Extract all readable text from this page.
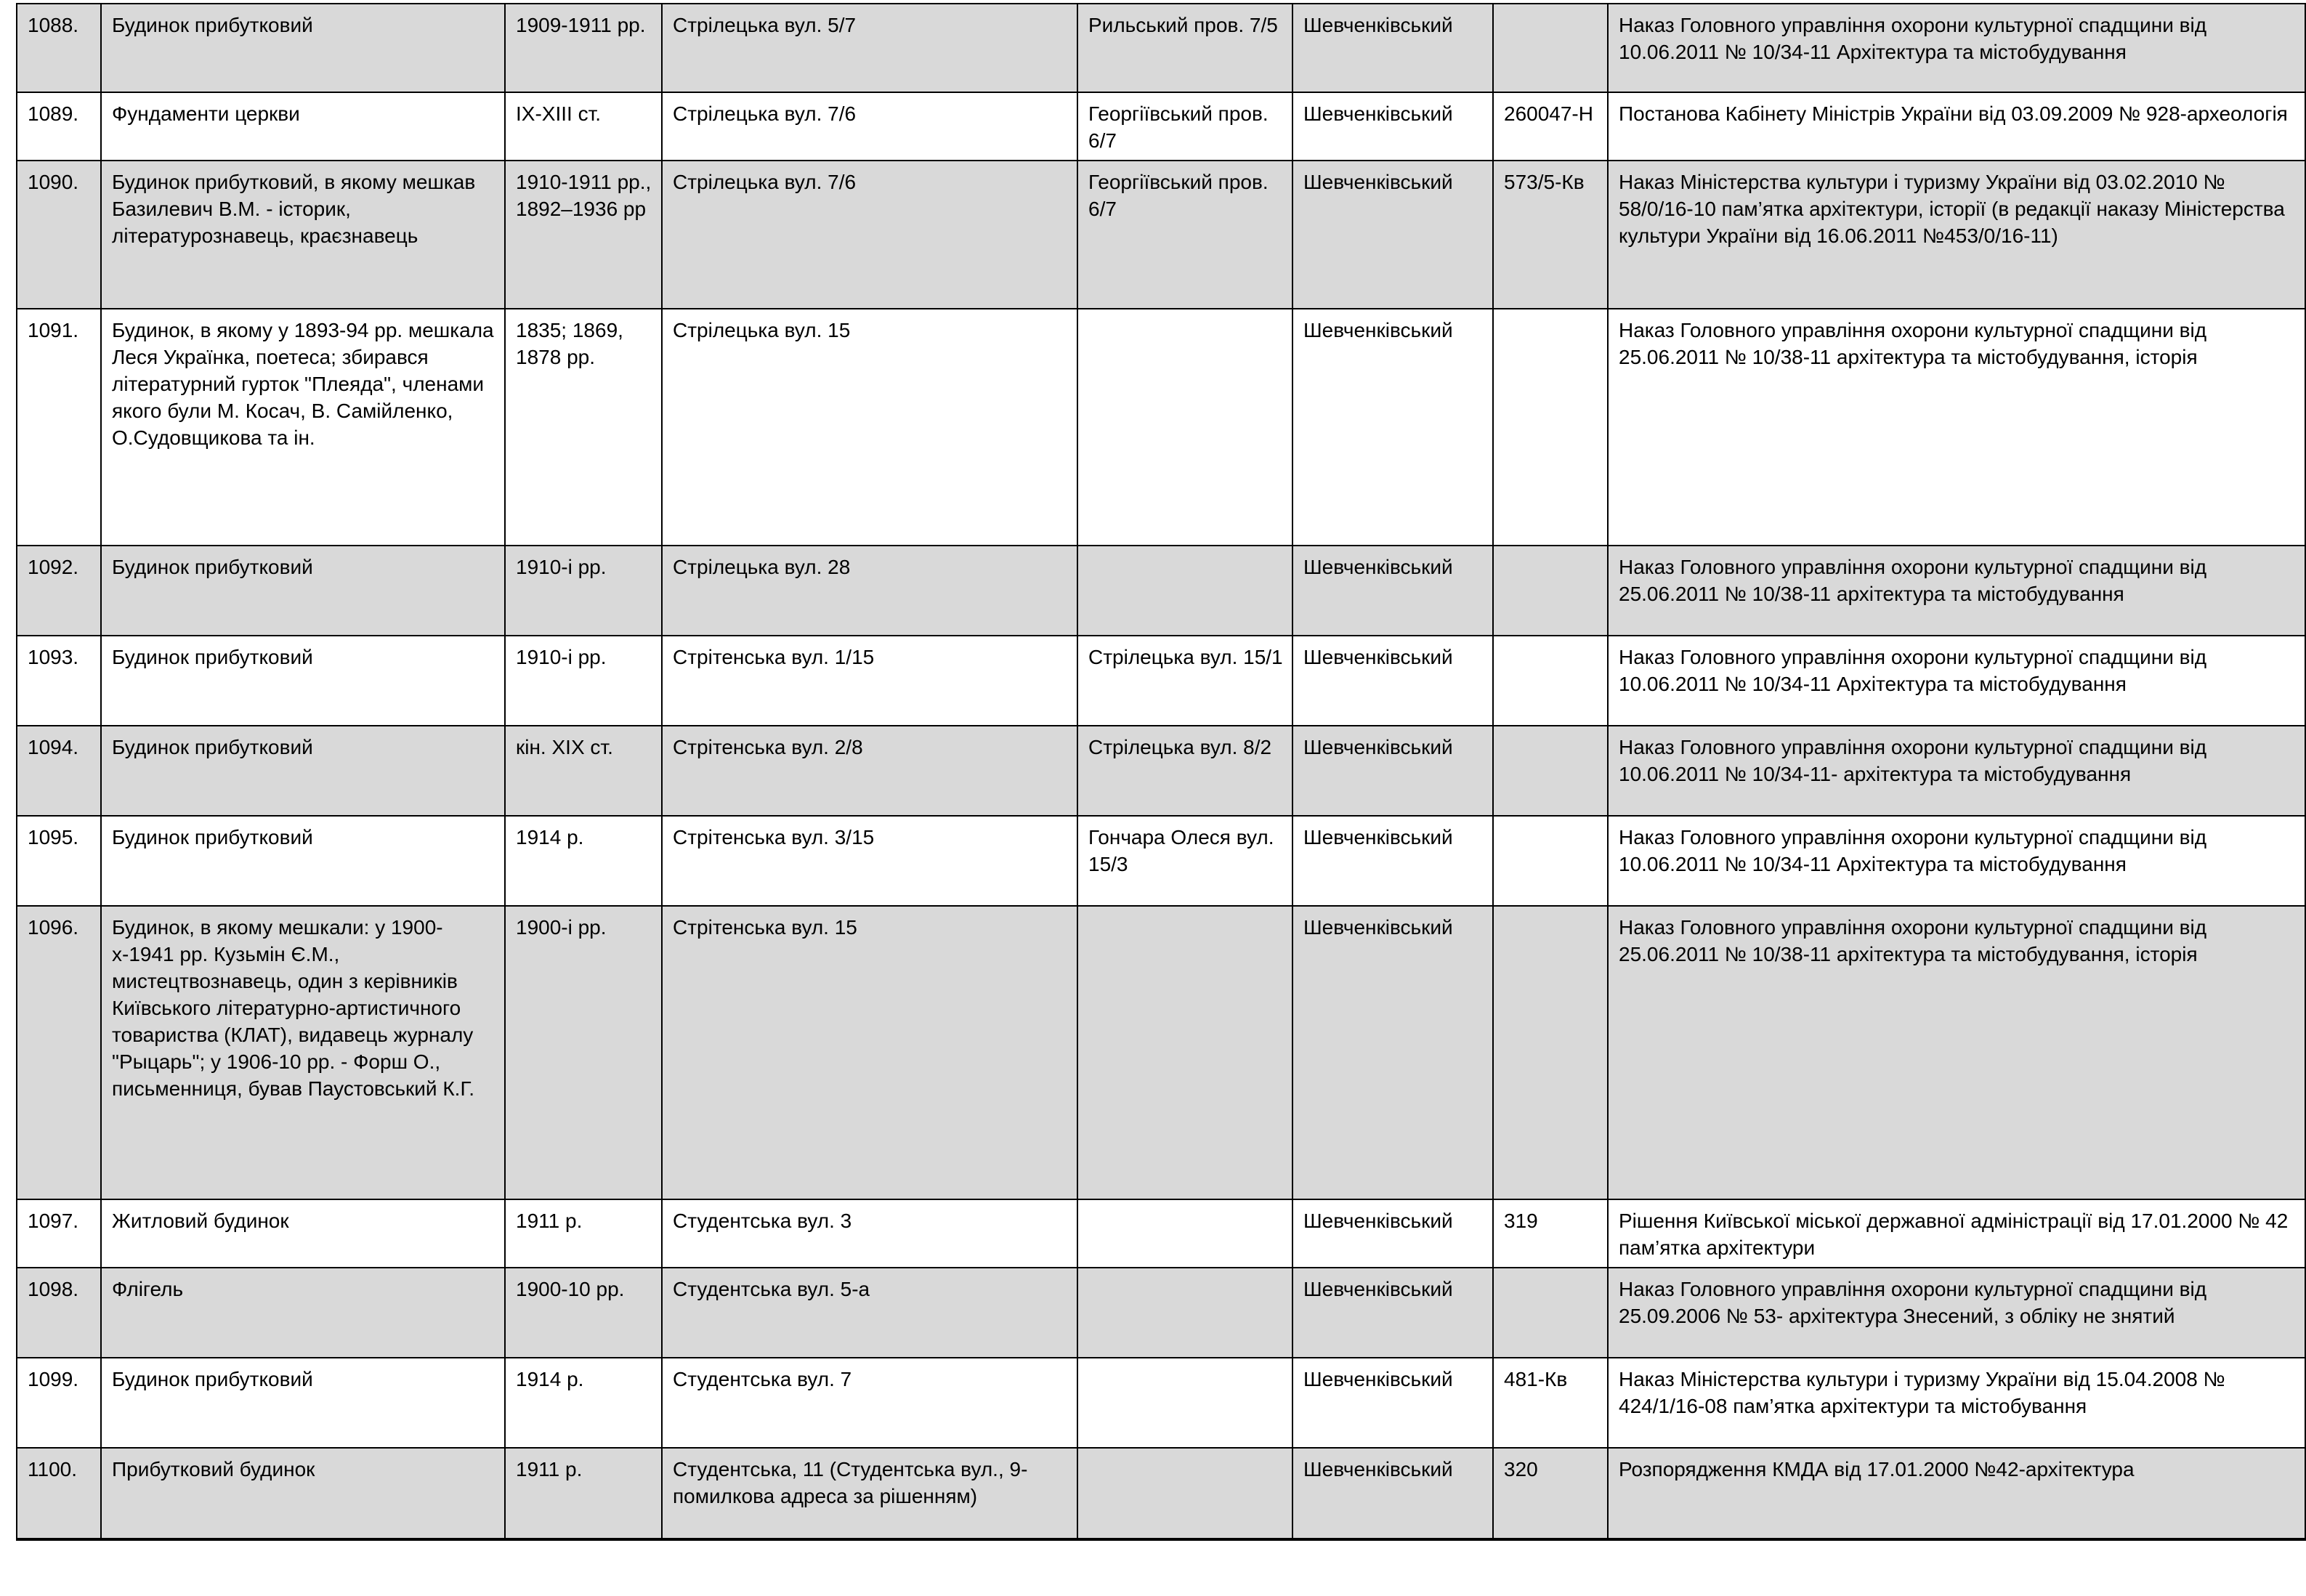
1088.	Будинок прибутковий	1909-1911 рр.	Стрілецька вул. 5/7	Рильський пров. 7/5	Шевченківський		Наказ Головного управління охорони культурної спадщини від 10.06.2011 № 10/34-11 Архітектура та містобудування
1089.	Фундаменти церкви	IX-XIII ст.	Стрілецька вул. 7/6	Георгіївський пров. 6/7	Шевченківський	260047-Н	Постанова Кабінету Міністрів України від 03.09.2009 № 928-археологія
1090.	Будинок прибутковий, в якому мешкав Базилевич В.М. - історик, літературознавець, краєзнавець	1910-1911 рр., 1892–1936 рр	Стрілецька вул. 7/6	Георгіївський пров. 6/7	Шевченківський	573/5-Кв	Наказ Міністерства культури і туризму України від 03.02.2010 № 58/0/16-10 пам’ятка архітектури, історії (в редакції наказу Міністерства культури України від 16.06.2011 №453/0/16-11)
1091.	Будинок, в якому у 1893-94 рр. мешкала Леся Українка, поетеса; збирався літературний гурток "Плеяда", членами якого були М. Косач, В. Самійленко, О.Судовщикова та ін.	1835; 1869, 1878 рр.	Стрілецька вул. 15		Шевченківський		Наказ Головного управління охорони культурної спадщини від 25.06.2011 № 10/38-11 архітектура та містобудування, історія
1092.	Будинок прибутковий	1910-і рр.	Стрілецька вул. 28		Шевченківський		Наказ Головного управління охорони культурної спадщини від 25.06.2011 № 10/38-11 архітектура та містобудування
1093.	Будинок прибутковий	1910-і рр.	Стрітенська вул. 1/15	Стрілецька вул. 15/1	Шевченківський		Наказ Головного управління охорони культурної спадщини від 10.06.2011 № 10/34-11 Архітектура та містобудування
1094.	Будинок прибутковий	кін. XIX ст.	Стрітенська вул. 2/8	Стрілецька вул. 8/2	Шевченківський		Наказ Головного управління охорони культурної спадщини від 10.06.2011 № 10/34-11- архітектура та містобудування
1095.	Будинок прибутковий	1914 р.	Стрітенська вул. 3/15	Гончара Олеся вул. 15/3	Шевченківський		Наказ Головного управління охорони культурної спадщини від 10.06.2011 № 10/34-11 Архітектура та містобудування
1096.	Будинок, в якому мешкали: у 1900-х-1941 рр. Кузьмін Є.М., мистецтвознавець, один з керівників Київського літературно-артистичного товариства (КЛАТ), видавець журналу "Рыцарь"; у 1906-10 рр. - Форш О., письменниця, бував Паустовський К.Г.	1900-і рр.	Стрітенська вул. 15		Шевченківський		Наказ Головного управління охорони культурної спадщини від 25.06.2011 № 10/38-11 архітектура та містобудування, історія
1097.	Житловий будинок	1911 р.	Студентська вул. 3		Шевченківський	319	Рішення Київської міської державної адміністрації від 17.01.2000 № 42 пам’ятка архітектури
1098.	Флігель	1900-10 рр.	Студентська вул. 5-а		Шевченківський		Наказ Головного управління охорони культурної спадщини від 25.09.2006 № 53- архітектура Знесений, з обліку не знятий
1099.	Будинок прибутковий	1914 р.	Студентська вул. 7		Шевченківський	481-Кв	Наказ Міністерства культури і туризму України від 15.04.2008 № 424/1/16-08 пам’ятка архітектури та містобування
1100.	Прибутковий будинок	1911 р.	Студентська, 11 (Студентська вул., 9-помилкова адреса за рішенням)		Шевченківський	320	Розпорядження КМДА від 17.01.2000 №42-архітектура
